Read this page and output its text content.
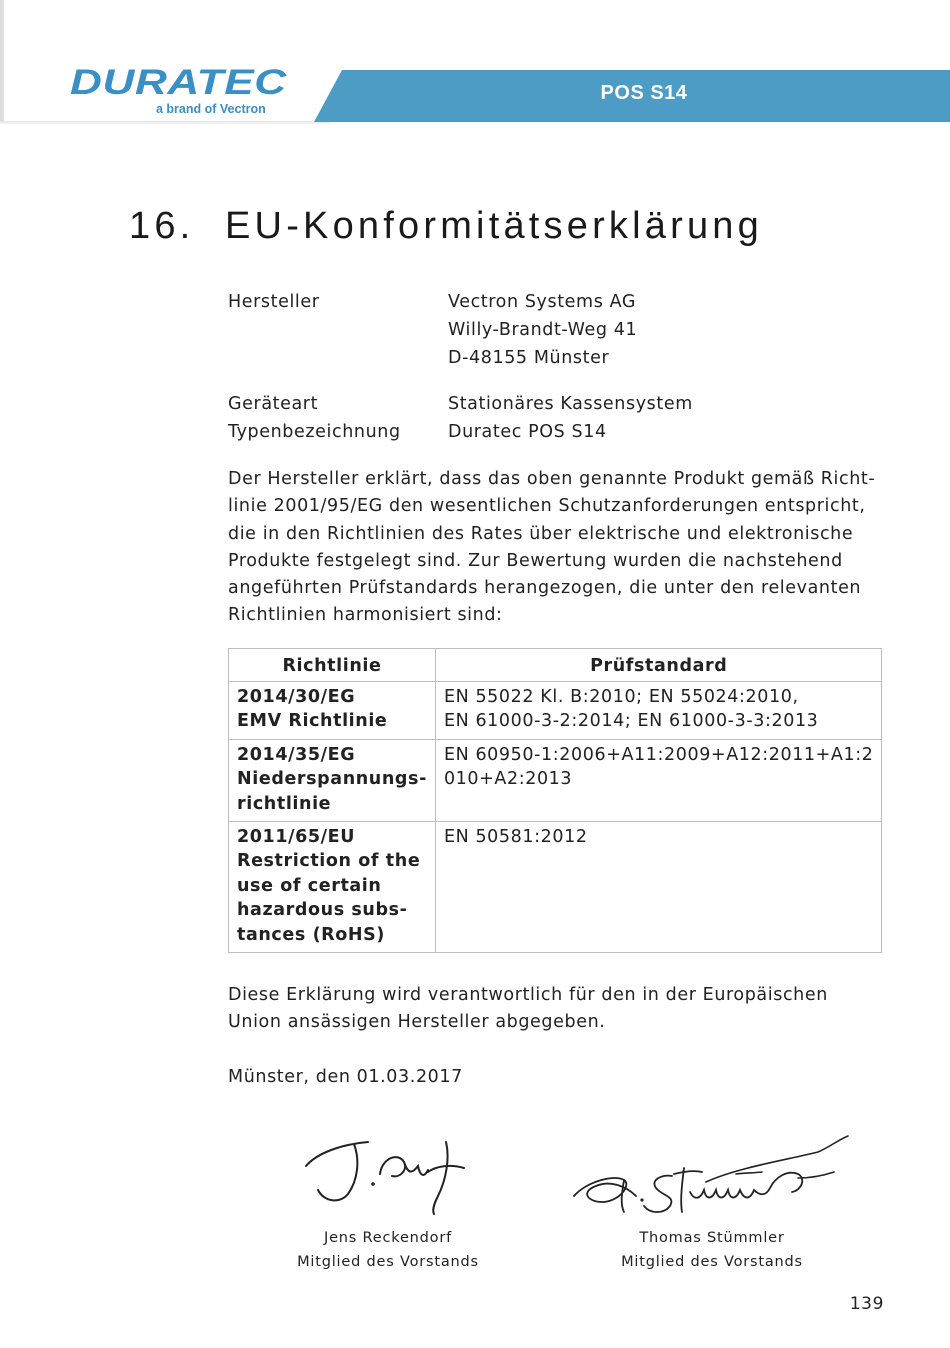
POS S14
DURATEC
a brand of Vectron
16. EU-Konformitätserklärung
Hersteller	Vectron Systems AG
Willy-Brandt-Weg 41
D-48155 Münster
Geräteart	Stationäres Kassensystem
Typenbezeichnung	Duratec POS S14

Der Hersteller erklärt, dass das oben genannte Produkt gemäß Richt-
linie 2001/95/EG den wesentlichen Schutzanforderungen entspricht,
die in den Richtlinien des Rates über elektrische und elektronische
Produkte festgelegt sind. Zur Bewertung wurden die nachstehend
angeführten Prüfstandards herangezogen, die unter den relevanten
Richtlinien harmonisiert sind:

Richtlinie	Prüfstandard

2014/30/EG
EMV Richtlinie	EN 55022 Kl. B:2010; EN 55024:2010,
EN 61000-3-2:2014; EN 61000-3-3:2013

2014/35/EG
Niederspannungs-
richtlinie	EN 60950-1:2006+A11:2009+A12:2011+A1:2
010+A2:2013

2011/65/EU
Restriction of the
use of certain
hazardous subs-
tances (RoHS)	EN 50581:2012

Diese Erklärung wird verantwortlich für den in der Europäischen
Union ansässigen Hersteller abgegeben.

Münster, den 01.03.2017

Jens Reckendorf
Mitglied des Vorstands
Thomas Stümmler
Mitglied des Vorstands
139
